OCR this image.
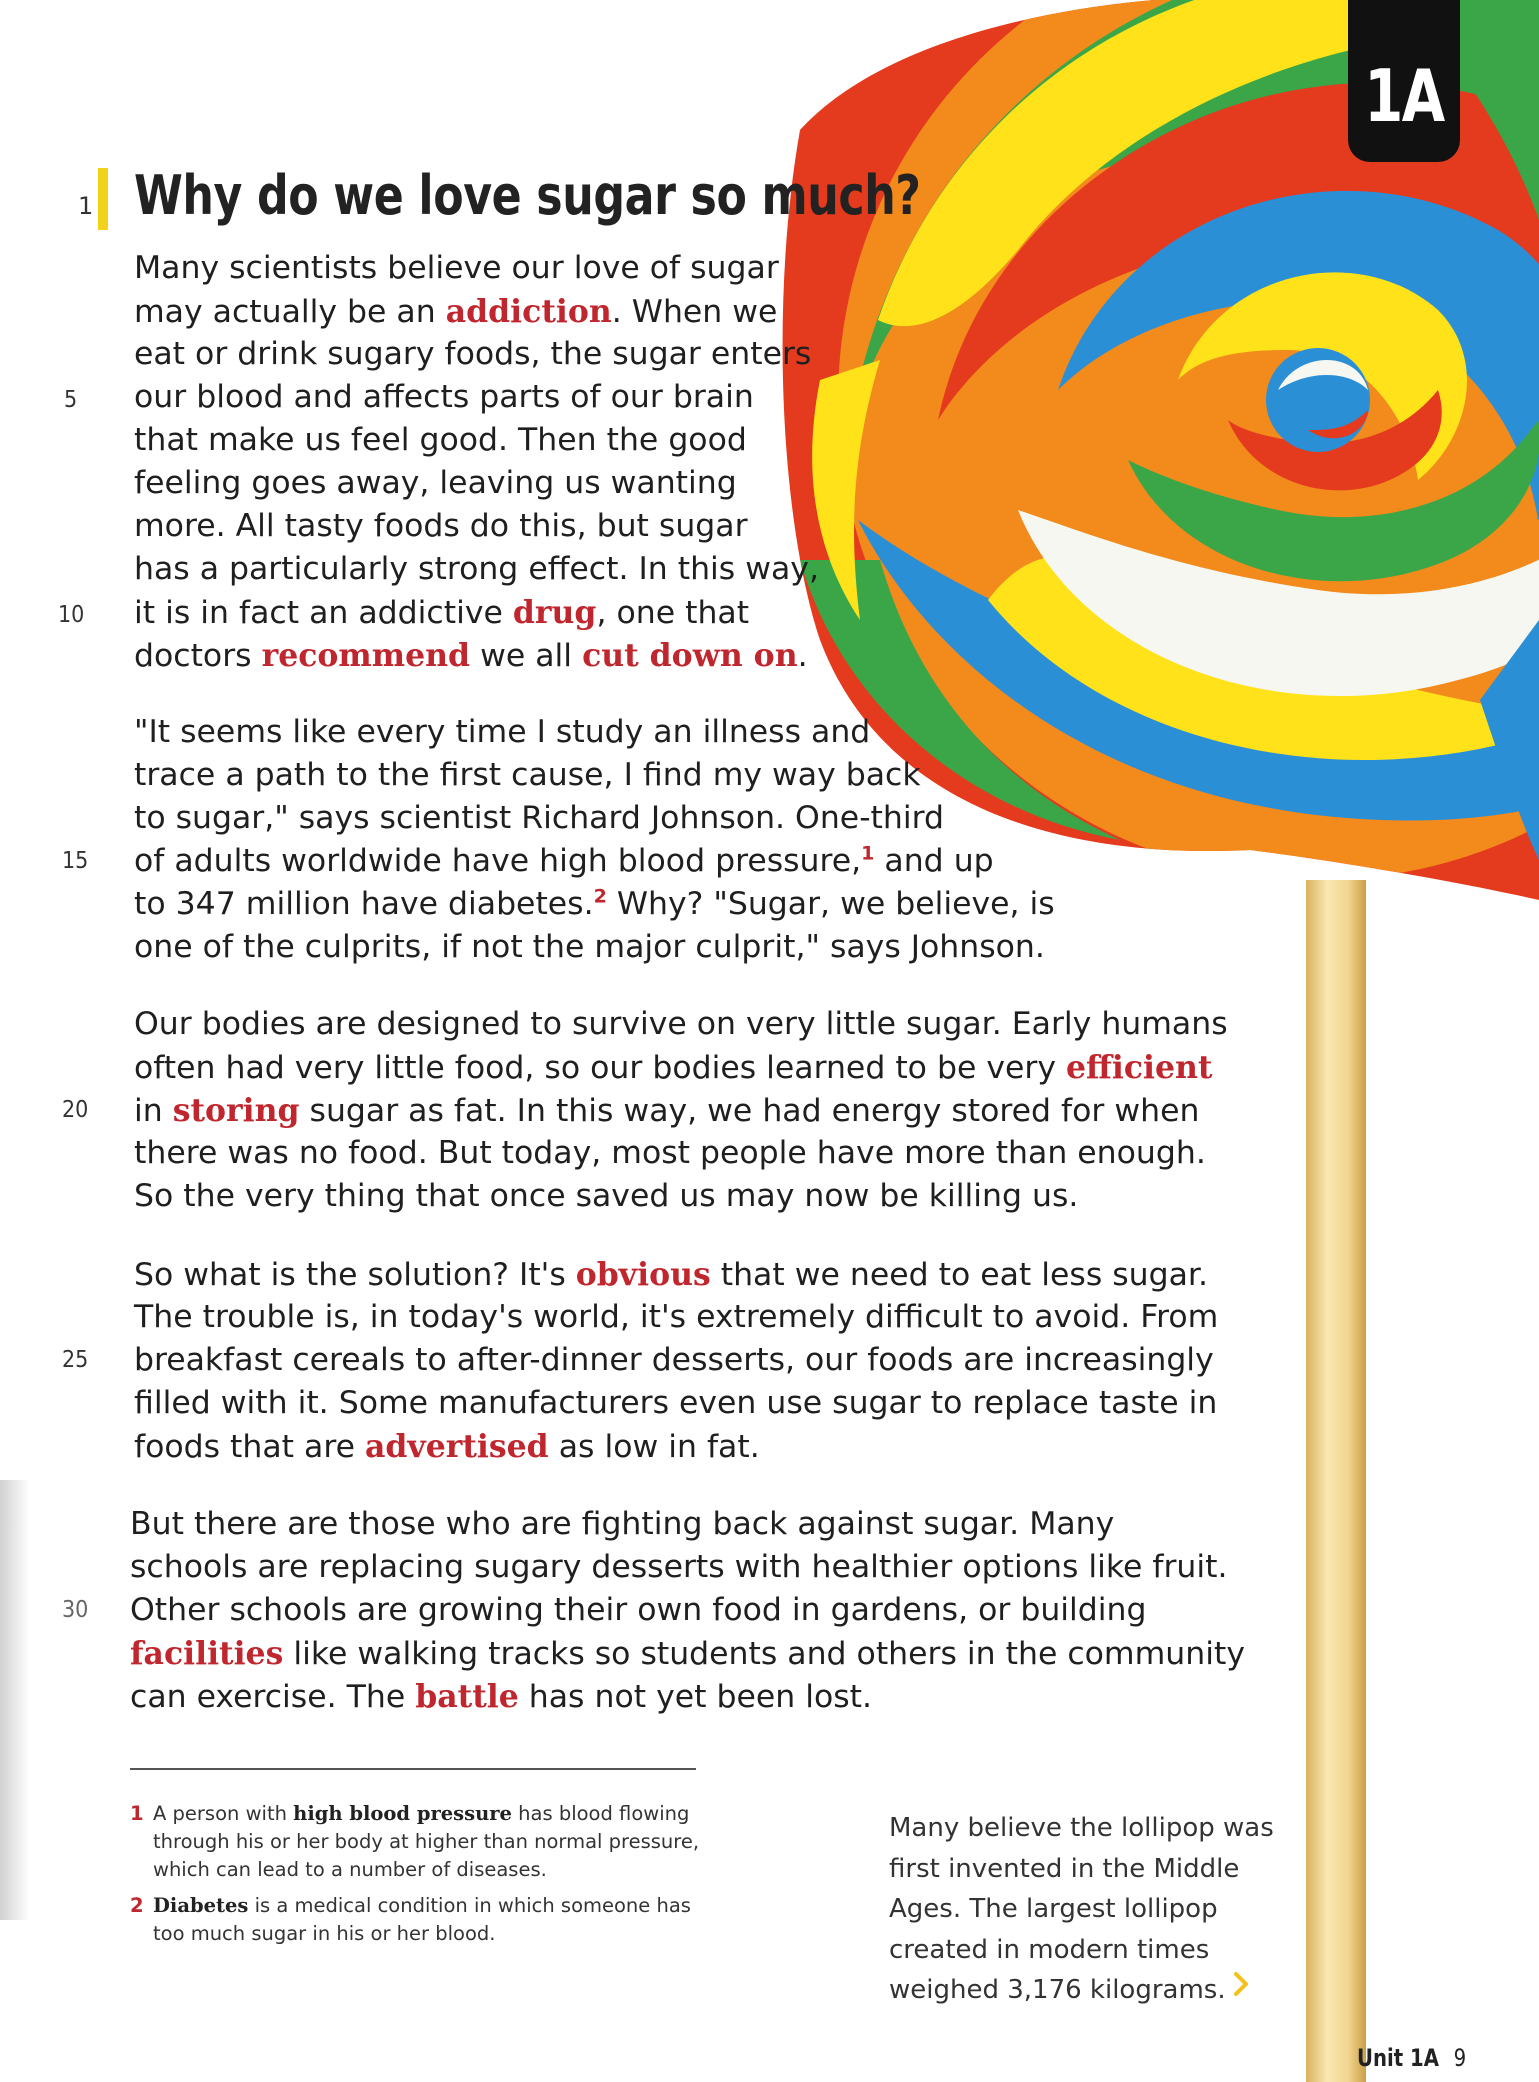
1A
1 Why do we love sugar so much?
Many scientists believe our love of sugar
may actually be an addiction. When we
eat or drink sugary foods, the sugar enters
our blood and affects parts of our brain
that make us feel good. Then the good
feeling goes away, leaving us wanting
more. All tasty foods do this, but sugar
has a particularly strong effect. In this way,
it is in fact an addictive drug, one that
doctors recommend we all cut down on.
"It seems like every time I study an illness and
trace a path to the first cause, I find my way back
to sugar," says scientist Richard Johnson. One-third
of adults worldwide have high blood pressure,$^1$ and up
to 347 million have diabetes.$^2$ Why? "Sugar, we believe, is
one of the culprits, if not the major culprit," says Johnson.
Our bodies are designed to survive on very little sugar. Early humans
often had very little food, so our bodies learned to be very efficient
in storing sugar as fat. In this way, we had energy stored for when
there was no food. But today, most people have more than enough.
So the very thing that once saved us may now be killing us.
So what is the solution? It's obvious that we need to eat less sugar.
The trouble is, in today's world, it's extremely difficult to avoid. From
breakfast cereals to after-dinner desserts, our foods are increasingly
filled with it. Some manufacturers even use sugar to replace taste in
foods that are advertised as low in fat.
But there are those who are fighting back against sugar. Many
schools are replacing sugary desserts with healthier options like fruit.
Other schools are growing their own food in gardens, or building
facilities like walking tracks so students and others in the community
can exercise. The battle has not yet been lost.
5
10
15
20
25
30
1 A person with high blood pressure has blood flowing through his or her body at higher than normal pressure, which can lead to a number of diseases.
2 Diabetes is a medical condition in which someone has too much sugar in his or her blood.
Many believe the lollipop was
first invented in the Middle
Ages. The largest lollipop
created in modern times
weighed 3,176 kilograms.
Unit 1A 9
